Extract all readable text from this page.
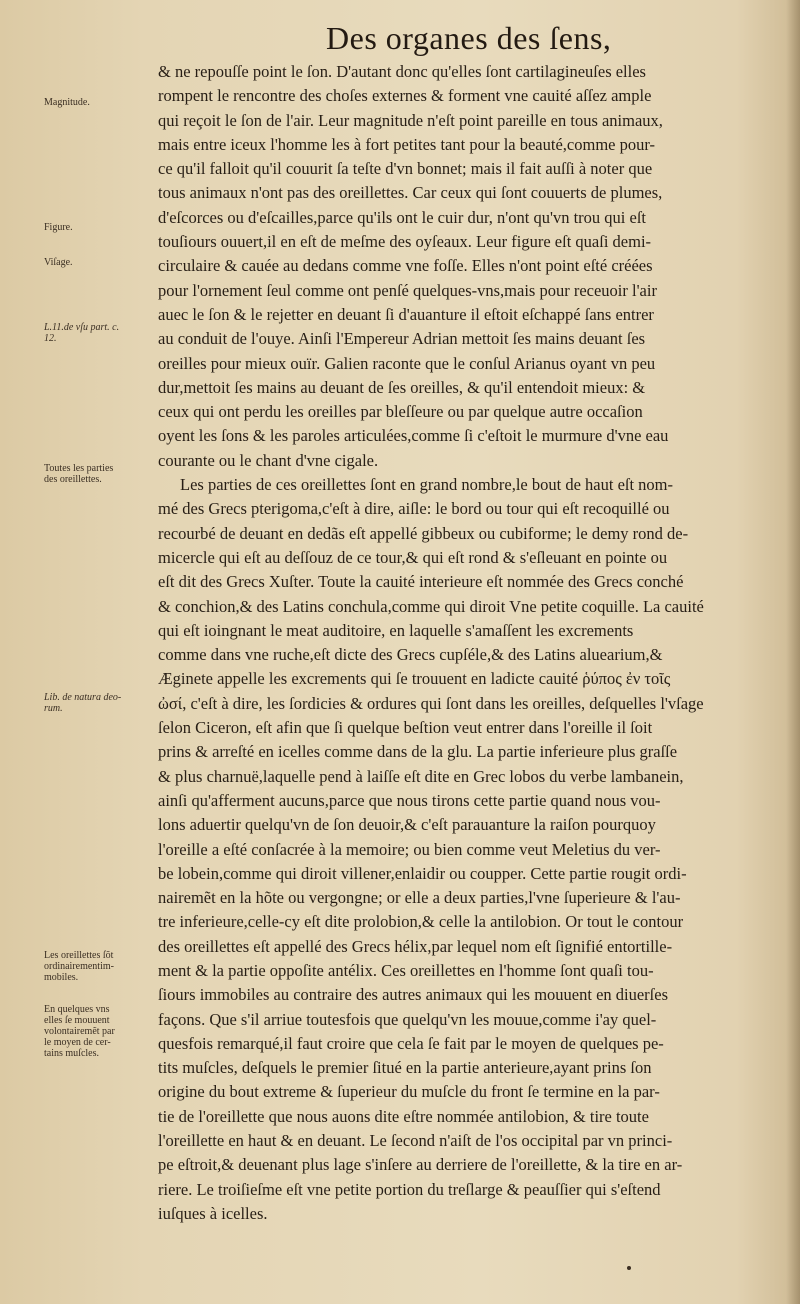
Des organes des ſens,
Magnitude.
Figure.
Viſage.
L.11.de vſu part. c.
12.
Toutes les parties
des oreillettes.
Lib. de natura deo-
rum.
Les oreillettes ſõt
ordinairementim-
mobiles.
En quelques vns
elles ſe mouuent
volontairemẽt par
le moyen de cer-
tains muſcles.
& ne repouſſe point le ſon. D'autant donc qu'elles ſont cartilagineuſes elles
rompent le rencontre des choſes externes & forment vne cauité aſſez ample
qui reçoit le ſon de l'air. Leur magnitude n'eſt point pareille en tous animaux,
mais entre iceux l'homme les à fort petites tant pour la beauté,comme pour-
ce qu'il falloit qu'il couurit ſa teſte d'vn bonnet; mais il fait auſſi à noter que
tous animaux n'ont pas des oreillettes. Car ceux qui ſont couuerts de plumes,
d'eſcorces ou d'eſcailles,parce qu'ils ont le cuir dur, n'ont qu'vn trou qui eſt
touſiours ouuert,il en eſt de meſme des oyſeaux. Leur figure eſt quaſi demi-
circulaire & cauée au dedans comme vne foſſe. Elles n'ont point eſté créées
pour l'ornement ſeul comme ont penſé quelques-vns,mais pour receuoir l'air
auec le ſon & le rejetter en deuant ſi d'auanture il eſtoit eſchappé ſans entrer
au conduit de l'ouye. Ainſi l'Empereur Adrian mettoit ſes mains deuant ſes
oreilles pour mieux ouïr. Galien raconte que le conſul Arianus oyant vn peu
dur,mettoit ſes mains au deuant de ſes oreilles, & qu'il entendoit mieux: &
ceux qui ont perdu les oreilles par bleſſeure ou par quelque autre occaſion
oyent les ſons & les paroles articulées,comme ſi c'eſtoit le murmure d'vne eau
courante ou le chant d'vne cigale.
Les parties de ces oreillettes ſont en grand nombre,le bout de haut eſt nom-
mé des Grecs pterigoma,c'eſt à dire, aiſle: le bord ou tour qui eſt recoquillé ou
recourbé de deuant en dedãs eſt appellé gibbeux ou cubiforme; le demy rond de-
micercle qui eſt au deſſouz de ce tour,& qui eſt rond & s'eſleuant en pointe ou
eſt dit des Grecs Xuſter. Toute la cauité interieure eſt nommée des Grecs conché
& conchion,& des Latins conchula,comme qui diroit Vne petite coquille. La cauité
qui eſt ioingnant le meat auditoire, en laquelle s'amaſſent les excrements
comme dans vne ruche,eſt dicte des Grecs cupſéle,& des Latins aluearium,&
Æginete appelle les excrements qui ſe trouuent en ladicte cauité ῥύπος ἐν τοῖς
ὠσί, c'eſt à dire, les ſordicies & ordures qui ſont dans les oreilles, deſquelles l'vſage
ſelon Ciceron, eſt afin que ſi quelque beſtion veut entrer dans l'oreille il ſoit
prins & arreſté en icelles comme dans de la glu. La partie inferieure plus graſſe
& plus charnuë,laquelle pend à laiſſe eſt dite en Grec lobos du verbe lambanein,
ainſi qu'afferment aucuns,parce que nous tirons cette partie quand nous vou-
lons aduertir quelqu'vn de ſon deuoir,& c'eſt parauanture la raiſon pourquoy
l'oreille a eſté conſacrée à la memoire; ou bien comme veut Meletius du ver-
be lobein,comme qui diroit villener,enlaidir ou coupper. Cette partie rougit ordi-
nairemẽt en la hõte ou vergongne; or elle a deux parties,l'vne ſuperieure & l'au-
tre inferieure,celle-cy eſt dite prolobion,& celle la antilobion. Or tout le contour
des oreillettes eſt appellé des Grecs hélix,par lequel nom eſt ſignifié entortille-
ment & la partie oppoſite antélix. Ces oreillettes en l'homme ſont quaſi tou-
ſiours immobiles au contraire des autres animaux qui les mouuent en diuerſes
façons. Que s'il arriue toutesfois que quelqu'vn les mouue,comme i'ay quel-
quesfois remarqué,il faut croire que cela ſe fait par le moyen de quelques pe-
tits muſcles, deſquels le premier ſitué en la partie anterieure,ayant prins ſon
origine du bout extreme & ſuperieur du muſcle du front ſe termine en la par-
tie de l'oreillette que nous auons dite eſtre nommée antilobion, & tire toute
l'oreillette en haut & en deuant. Le ſecond n'aiſt de l'os occipital par vn princi-
pe eſtroit,& deuenant plus lage s'inſere au derriere de l'oreillette, & la tire en ar-
riere. Le troiſieſme eſt vne petite portion du treſlarge & peauſſier qui s'eſtend
iuſques à icelles.
